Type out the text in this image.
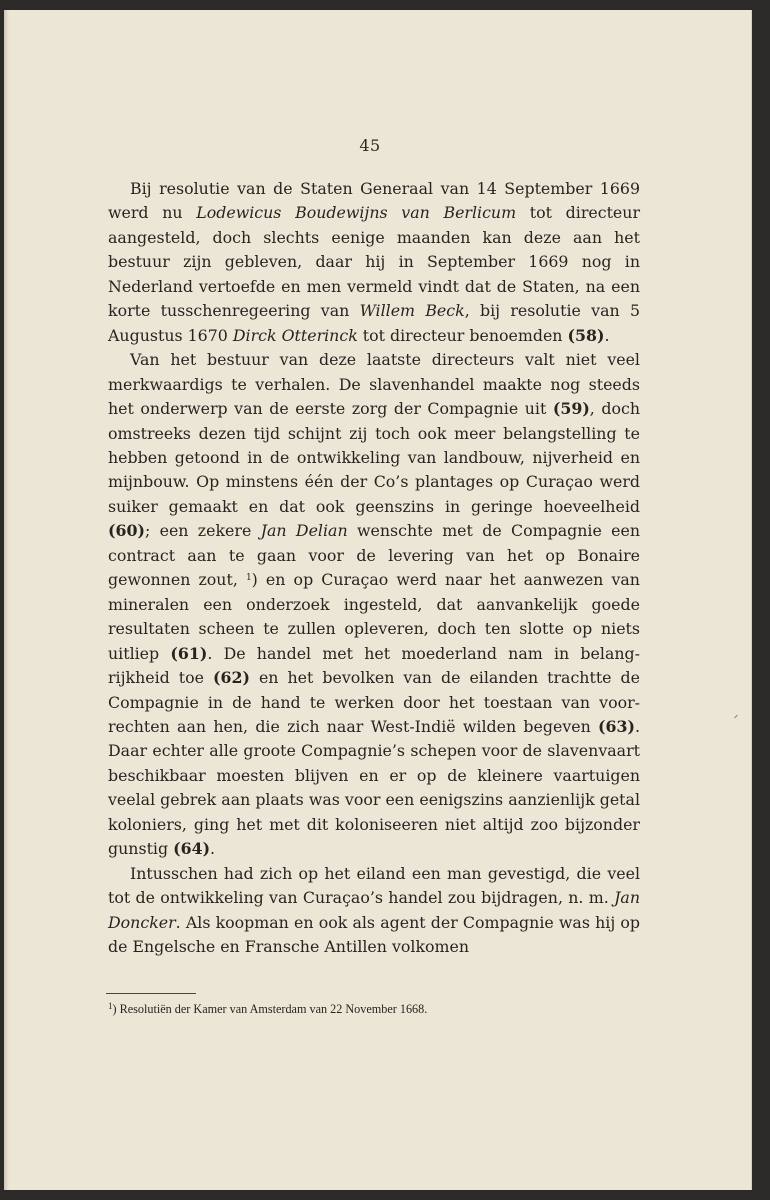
45

Bij resolutie van de Staten Generaal van 14 September 1669 werd nu Lodewicus Boudewijns van Berlicum tot directeur aangesteld, doch slechts eenige maanden kan deze aan het bestuur zijn gebleven, daar hij in September 1669 nog in Nederland vertoefde en men vermeld vindt dat de Staten, na een korte tusschenregeering van Willem Beck, bij resolutie van 5 Augustus 1670 Dirck Otterinck tot directeur benoemden (58).

Van het bestuur van deze laatste directeurs valt niet veel merkwaardigs te verhalen. De slavenhandel maakte nog steeds het onderwerp van de eerste zorg der Compagnie uit (59), doch omstreeks dezen tijd schijnt zij toch ook meer belangstelling te hebben getoond in de ontwikkeling van landbouw, nijverheid en mijnbouw. Op minstens één der Co’s plantages op Curaçao werd suiker gemaakt en dat ook geenszins in geringe hoeveelheid (60); een zekere Jan Delian wenschte met de Compagnie een contract aan te gaan voor de levering van het op Bonaire gewonnen zout, $^1$) en op Curaçao werd naar het aanwezen van mineralen een onderzoek ingesteld, dat aanvankelijk goede resultaten scheen te zullen opleveren, doch ten slotte op niets uitliep (61). De handel met het moederland nam in belangrijkheid toe (62) en het bevolken van de eilanden trachtte de Compagnie in de hand te werken door het toestaan van voorrechten aan hen, die zich naar West-Indië wilden begeven (63). Daar echter alle groote Compagnie’s schepen voor de slavenvaart beschikbaar moesten blijven en er op de kleinere vaartuigen veelal gebrek aan plaats was voor een eenigszins aanzienlijk getal koloniers, ging het met dit koloniseeren niet altijd zoo bijzonder gunstig (64).

Intusschen had zich op het eiland een man gevestigd, die veel tot de ontwikkeling van Curaçao’s handel zou bijdragen, n. m. Jan Doncker. Als koopman en ook als agent der Compagnie was hij op de Engelsche en Fransche Antillen volkomen

$^1$) Resolutiën der Kamer van Amsterdam van 22 November 1668.
